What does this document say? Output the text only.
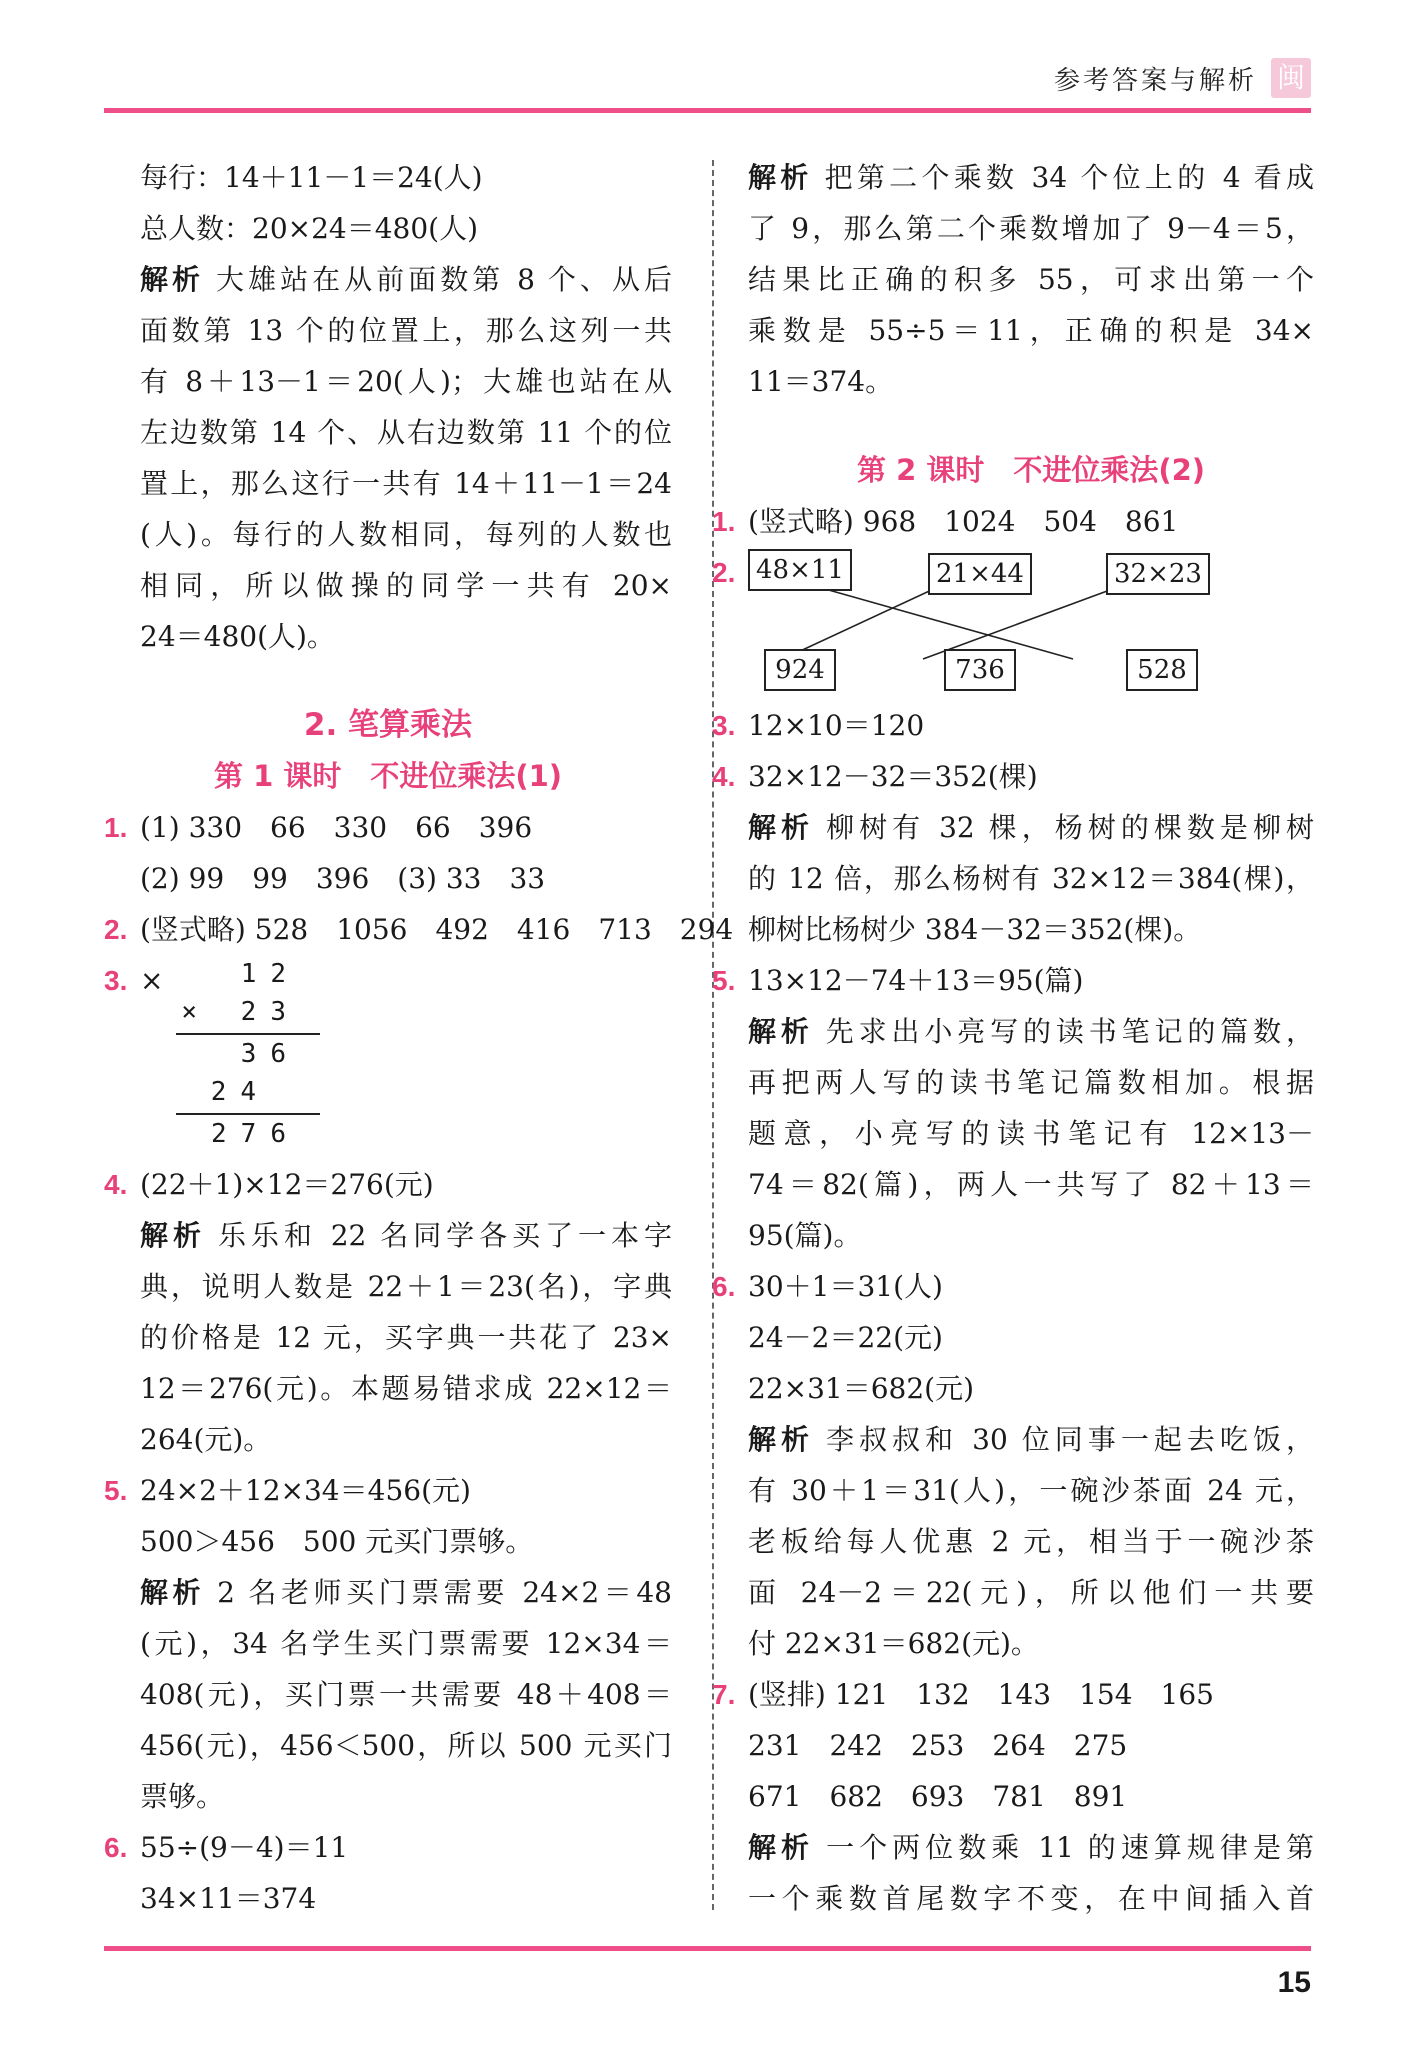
参考答案与解析 闽
每行：14＋11－1＝24(人)
总人数：20×24＝480(人)
解析 大雄站在从前面数第 8 个、从后
面数第 13 个的位置上，那么这列一共
有 8＋13－1＝20(人)；大雄也站在从
左边数第 14 个、从右边数第 11 个的位
置上，那么这行一共有 14＋11－1＝24
(人)。每行的人数相同，每列的人数也
相同，所以做操的同学一共有 20×
24＝480(人)。
2. 笔算乘法
第 1 课时　不进位乘法(1)
1. (1) 330　66　330　66　396
(2) 99　99　396　(3) 33　33
2. (竖式略) 528　1056　492　416　713　294
3. ×	12
× 23
36
24
276
4. (22＋1)×12＝276(元)
解析 乐乐和 22 名同学各买了一本字
典，说明人数是 22＋1＝23(名)，字典
的价格是 12 元，买字典一共花了 23×
12＝276(元)。本题易错求成 22×12＝
264(元)。
5. 24×2＋12×34＝456(元)
500＞456　500 元买门票够。
解析 2 名老师买门票需要 24×2＝48
(元)，34 名学生买门票需要 12×34＝
408(元)，买门票一共需要 48＋408＝
456(元)，456＜500，所以 500 元买门
票够。
6. 55÷(9－4)＝11
34×11＝374
解析 把第二个乘数 34 个位上的 4 看成
了 9，那么第二个乘数增加了 9－4＝5，
结果比正确的积多 55，可求出第一个
乘数是 55÷5＝11，正确的积是 34×
11＝374。
第 2 课时　不进位乘法(2)
1. (竖式略) 968　1024　504　861
2. 48×11	21×44	32×23
924	736	528
3. 12×10＝120
4. 32×12－32＝352(棵)
解析 柳树有 32 棵，杨树的棵数是柳树
的 12 倍，那么杨树有 32×12＝384(棵)，
柳树比杨树少 384－32＝352(棵)。
5. 13×12－74＋13＝95(篇)
解析 先求出小亮写的读书笔记的篇数，
再把两人写的读书笔记篇数相加。根据
题意，小亮写的读书笔记有 12×13－
74＝82(篇)，两人一共写了 82＋13＝
95(篇)。
6. 30＋1＝31(人)
24－2＝22(元)
22×31＝682(元)
解析 李叔叔和 30 位同事一起去吃饭，
有 30＋1＝31(人)，一碗沙茶面 24 元，
老板给每人优惠 2 元，相当于一碗沙茶
面 24－2＝22(元)，所以他们一共要
付 22×31＝682(元)。
7. (竖排) 121　132　143　154　165
231　242　253　264　275
671　682　693　781　891
解析 一个两位数乘 11 的速算规律是第
一个乘数首尾数字不变，在中间插入首
15
